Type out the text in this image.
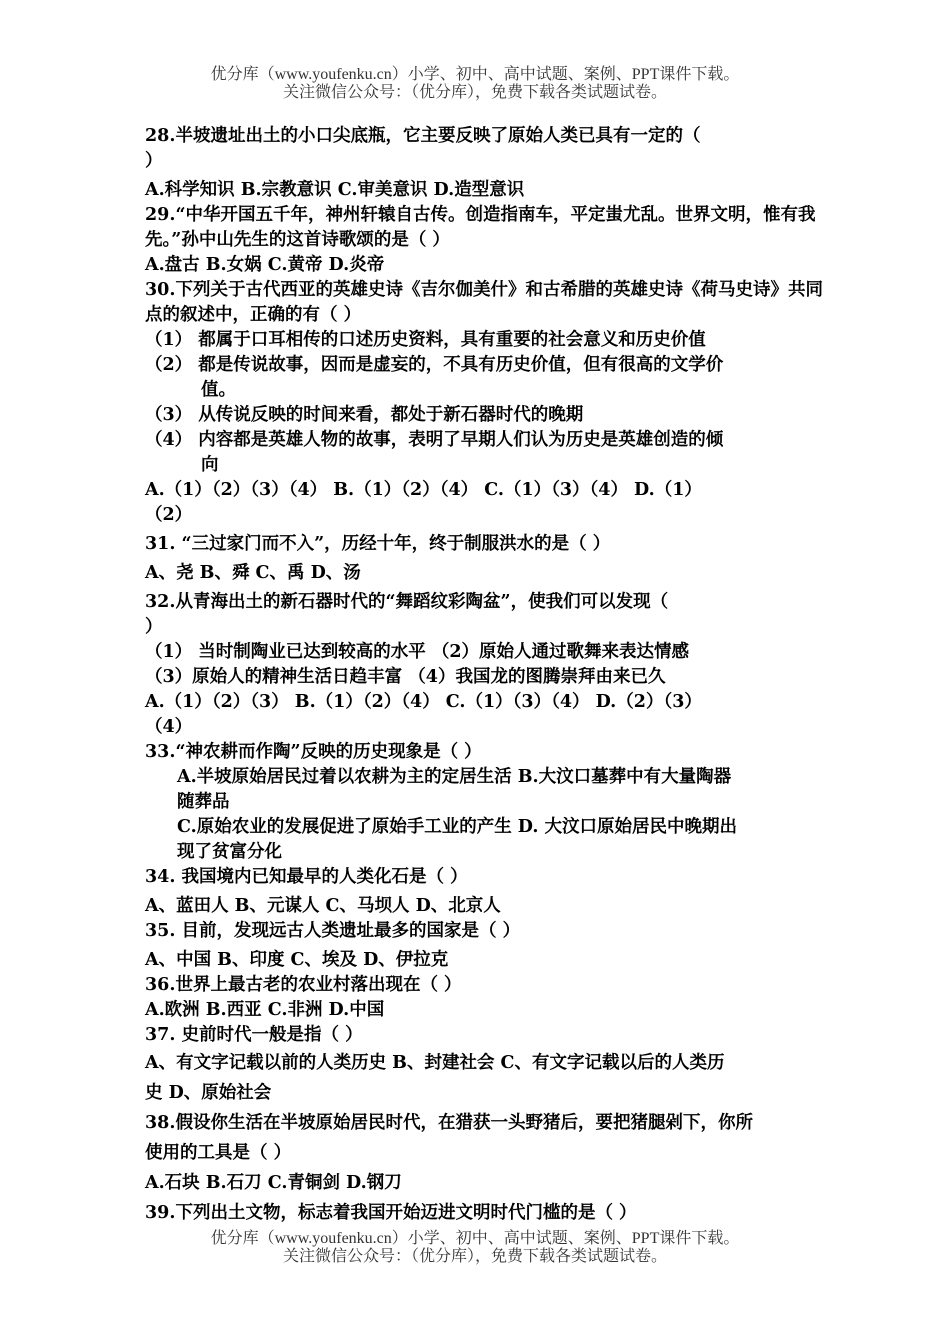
优分库（www.youfenku.cn）小学、初中、高中试题、案例、PPT课件下载。
关注微信公众号：（优分库），免费下载各类试题试卷。
28.半坡遗址出土的小口尖底瓶，它主要反映了原始人类已具有一定的（
）
A.科学知识 B.宗教意识 C.审美意识 D.造型意识
29.“中华开国五千年，神州轩辕自古传。创造指南车，平定蚩尤乱。世界文明，惟有我先。”孙中山先生的这首诗歌颂的是（ ）
A.盘古 B.女娲 C.黄帝 D.炎帝
30.下列关于古代西亚的英雄史诗《吉尔伽美什》和古希腊的英雄史诗《荷马史诗》共同点的叙述中，正确的有（ ）
（1） 都属于口耳相传的口述历史资料，具有重要的社会意义和历史价值
（2） 都是传说故事，因而是虚妄的，不具有历史价值，但有很高的文学价
值。
（3） 从传说反映的时间来看，都处于新石器时代的晚期
（4） 内容都是英雄人物的故事，表明了早期人们认为历史是英雄创造的倾
向
A.（1）（2）（3）（4） B.（1）（2）（4） C.（1）（3）（4） D.（1）
（2）
31. “三过家门而不入”，历经十年，终于制服洪水的是（ ）
A、尧 B、舜 C、禹 D、汤
32.从青海出土的新石器时代的“舞蹈纹彩陶盆”，使我们可以发现（
）
（1） 当时制陶业已达到较高的水平 （2）原始人通过歌舞来表达情感
（3）原始人的精神生活日趋丰富 （4）我国龙的图腾崇拜由来已久
A.（1）（2）（3） B.（1）（2）（4） C.（1）（3）（4） D.（2）（3）
（4）
33.“神农耕而作陶”反映的历史现象是（ ）
A.半坡原始居民过着以农耕为主的定居生活 B.大汶口墓葬中有大量陶器
随葬品
C.原始农业的发展促进了原始手工业的产生 D. 大汶口原始居民中晚期出
现了贫富分化
34. 我国境内已知最早的人类化石是（ ）
A、蓝田人 B、元谋人 C、马坝人 D、北京人
35. 目前，发现远古人类遗址最多的国家是（ ）
A、中国 B、印度 C、埃及 D、伊拉克
36.世界上最古老的农业村落出现在（ ）
A.欧洲 B.西亚 C.非洲 D.中国
37. 史前时代一般是指（ ）
A、有文字记载以前的人类历史 B、封建社会 C、有文字记载以后的人类历
史 D、原始社会
38.假设你生活在半坡原始居民时代，在猎获一头野猪后，要把猪腿剁下，你所
使用的工具是（ ）
A.石块 B.石刀 C.青铜剑 D.钢刀
39.下列出土文物，标志着我国开始迈进文明时代门槛的是（ ）
优分库（www.youfenku.cn）小学、初中、高中试题、案例、PPT课件下载。
关注微信公众号：（优分库），免费下载各类试题试卷。
